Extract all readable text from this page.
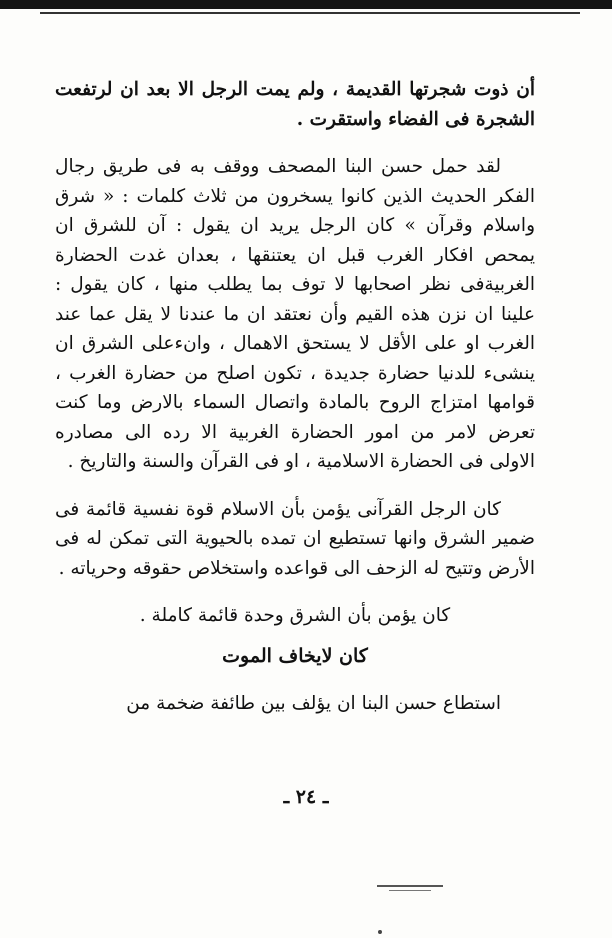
أن ذوت شجرتها القديمة ، ولم يمت الرجل الا بعد ان لرتفعت الشجرة فى الفضاء واستقرت .

لقد حمل حسن البنا المصحف ووقف به فى طريق رجال الفكر الحديث الذين كانوا يسخرون من ثلاث كلمات : « شرق واسلام وقرآن » كان الرجل يريد ان يقول : آن للشرق ان يمحص افكار الغرب قبل ان يعتنقها ، بعدان غدت الحضارة الغربيةفى نظر اصحابها لا توف بما يطلب منها ، كان يقول : علينا ان نزن هذه القيم وأن نعتقد ان ما عندنا لا يقل عما عند الغرب او على الأقل لا يستحق الاهمال ، وانءعلى الشرق ان ينشىء للدنيا حضارة جديدة ، تكون اصلح من حضارة الغرب ، قوامها امتزاج الروح بالمادة واتصال السماء بالارض وما كنت تعرض لامر من امور الحضارة الغربية الا رده الى مصادره الاولى فى الحضارة الاسلامية ، او فى القرآن والسنة والتاريخ .

كان الرجل القرآنى يؤمن بأن الاسلام قوة نفسية قائمة فى ضمير الشرق وانها تستطيع ان تمده بالحيوية التى تمكن له فى الأرض وتتيح له الزحف الى قواعده واستخلاص حقوقه وحرياته .

كان يؤمن بأن الشرق وحدة قائمة كاملة .

كان لايخاف الموت

استطاع حسن البنا ان يؤلف بين طائفة ضخمة من

ـ ٢٤ ـ
